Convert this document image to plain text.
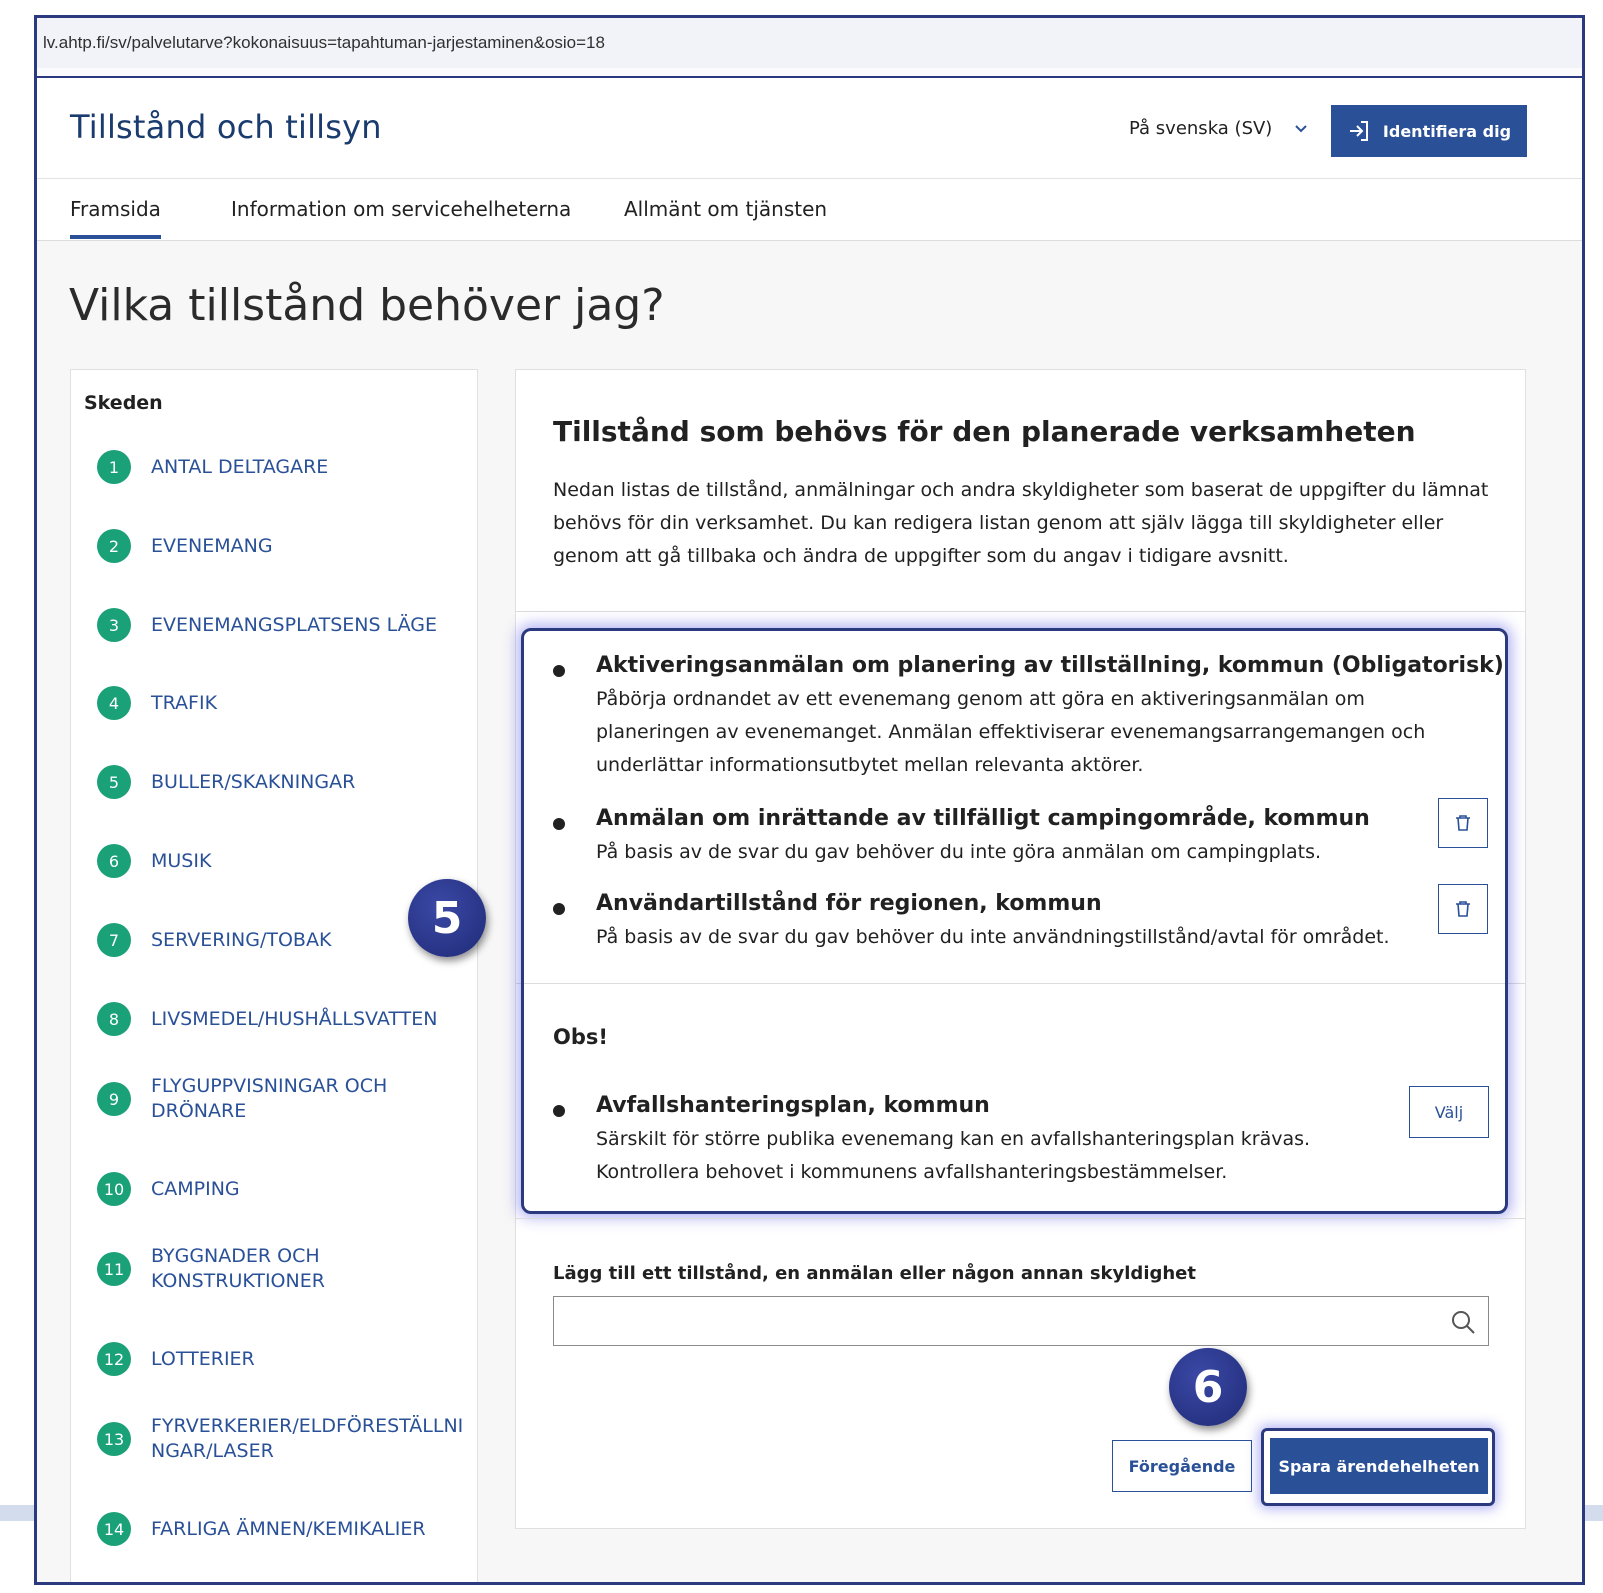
lv.ahtp.fi/sv/palvelutarve?kokonaisuus=tapahtuman-jarjestaminen&osio=18
Tillstånd och tillsyn	På svenska (SV)	Identifiera dig
Framsida	Information om servicehelheterna	Allmänt om tjänsten
Vilka tillstånd behöver jag?
Skeden
1	ANTAL DELTAGARE
2	EVENEMANG
3	EVENEMANGSPLATSENS LÄGE
4	TRAFIK
5	BULLER/SKAKNINGAR
6	MUSIK
7	SERVERING/TOBAK
8	LIVSMEDEL/HUSHÅLLSVATTEN
9
FLYGUPPVISNINGAR OCH DRÖNARE
10	CAMPING
11
BYGGNADER OCH KONSTRUKTIONER
12	LOTTERIER
13
FYRVERKERIER/ELDFÖRESTÄLLNINGAR/LASER
14	FARLIGA ÄMNEN/KEMIKALIER
Tillstånd som behövs för den planerade verksamheten

Nedan listas de tillstånd, anmälningar och andra skyldigheter som baserat de uppgifter du lämnat behövs för din verksamhet. Du kan redigera listan genom att själv lägga till skyldigheter eller genom att gå tillbaka och ändra de uppgifter som du angav i tidigare avsnitt.

Aktiveringsanmälan om planering av tillställning, kommun (Obligatorisk)
Påbörja ordnandet av ett evenemang genom att göra en aktiveringsanmälan om planeringen av evenemanget. Anmälan effektiviserar evenemangsarrangemangen och underlättar informationsutbytet mellan relevanta aktörer.
Anmälan om inrättande av tillfälligt campingområde, kommun
På basis av de svar du gav behöver du inte göra anmälan om campingplats.
Användartillstånd för regionen, kommun
På basis av de svar du gav behöver du inte användningstillstånd/avtal för området.
Obs!
Avfallshanteringsplan, kommun
Särskilt för större publika evenemang kan en avfallshanteringsplan krävas. Kontrollera behovet i kommunens avfallshanteringsbestämmelser.
Välj
Lägg till ett tillstånd, en anmälan eller någon annan skyldighet
Föregående	Spara ärendehelheten
5
6
